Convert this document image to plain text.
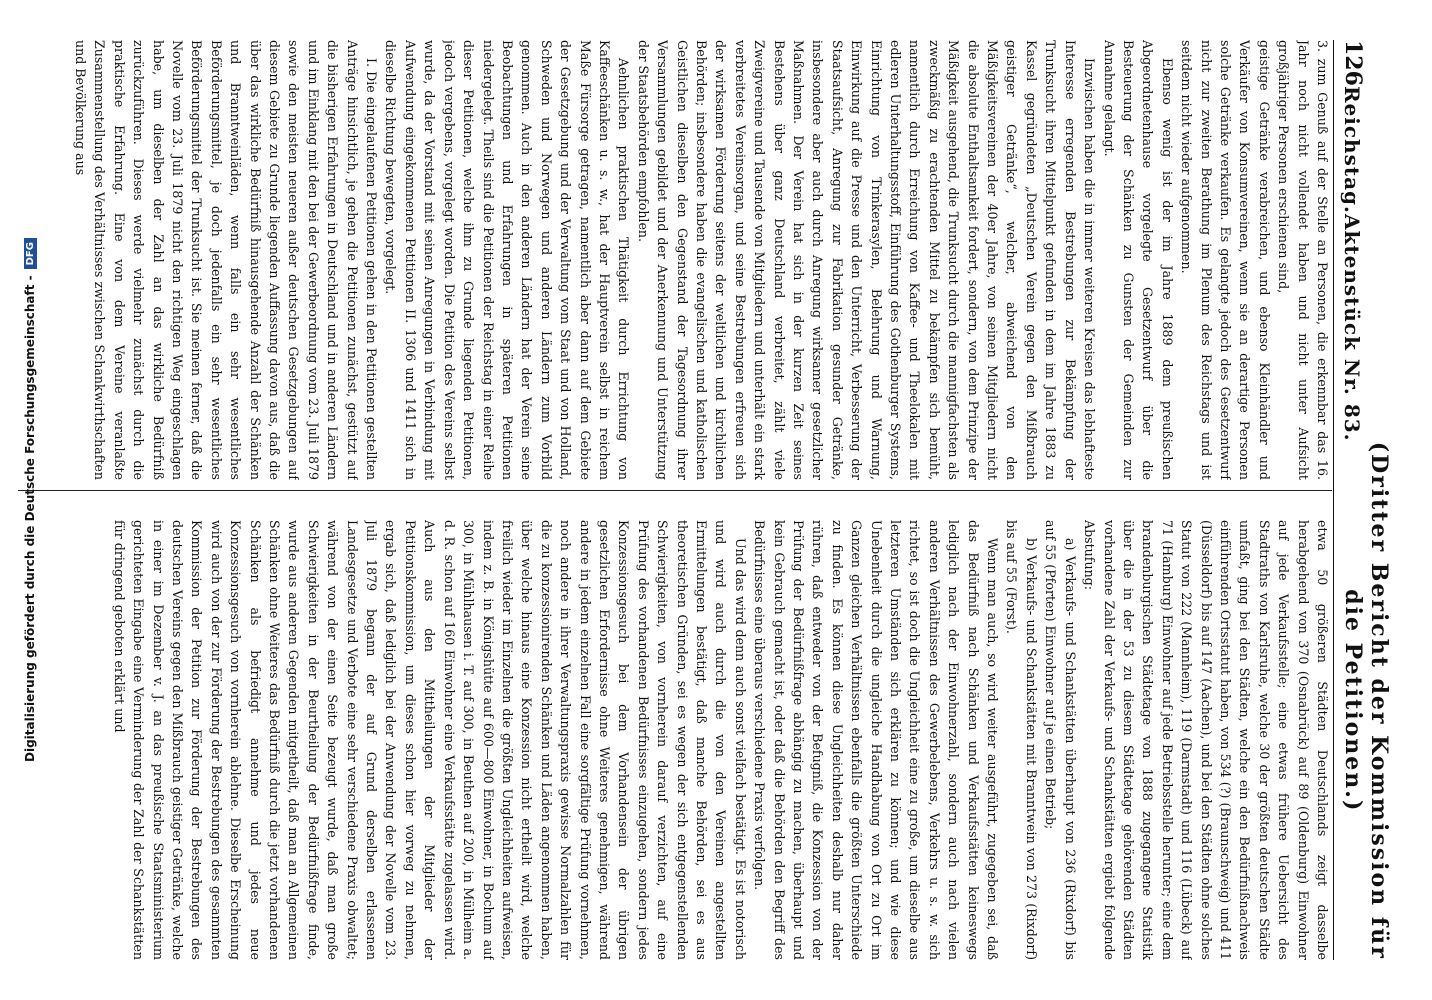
126
Reichstag.
Aktenstück Nr. 83.
(Dritter Bericht der Kommission für die Petitionen.)

3. zum Genuß auf der Stelle an Personen, die erkennbar das 16. Jahr noch nicht vollendet haben und nicht unter Aufsicht großjähriger Personen erschienen sind,

geistige Getränke verabreichen, und ebenso Kleinhändler und Verkäufer von Konsumvereinen, wenn sie an derartige Personen solche Getränke verkaufen. Es gelangte jedoch des Gesetzentwurf nicht zur zweiten Berathung im Plenum des Reichstags und ist seitdem nicht wieder aufgenommen.

Ebenso wenig ist der im Jahre 1889 dem preußischen Abgeordnetenhause vorgelegte Gesetzentwurf über die Besteuerung der Schänken zu Gunsten der Gemeinden zur Annahme gelangt.

Inzwischen haben die in immer weiteren Kreisen das lebhafteste Interesse erregenden Bestrebungen zur Bekämpfung der Trunksucht ihren Mittelpunkt gefunden in dem im Jahre 1883 zu Kassel gegründeten „Deutschen Verein gegen den Mißbrauch geistiger Getränke“, welcher, abweichend von den Mäßigkeitsvereinen der 40er Jahre, von seinen Mitgliedern nicht die absolute Enthaltsamkeit fordert, sondern, von dem Prinzipe der Mäßigkeit ausgehend, die Trunksucht durch die mannigfachsten als zweckmäßig zu erachtenden Mittel zu bekämpfen sich bemüht, namentlich durch Erreichung von Kaffee- und Theelokalen mit edleren Unterhaltungsstoff, Einführung des Gothenburger Systems, Einrichtung von Trinkerasylen, Belehrung und Warnung, Einwirkung auf die Presse und den Unterricht, Verbesserung der Staatsaufsicht, Anregung zur Fabrikation gesunder Getränke, insbesondere aber auch durch Anregung wirksamer gesetzlicher Maßnahmen. Der Verein hat sich in der kurzen Zeit seines Bestehens über ganz Deutschland verbreitet, zählt viele Zweigvereine und Tausende von Mitgliedern und unterhält ein stark verbreitetes Vereinsorgan, und seine Bestrebungen erfreuen sich der wirksamen Förderung seitens der weltlichen und kirchlichen Behörden; insbesondere haben die evangelischen und katholischen Geistlichen dieselben den Gegenstand der Tagesordnung ihrer Versammlungen gebildet und der Anerkennung und Unterstützung der Staatsbehörden empfohlen.

Aehnlichen praktischen Thätigkeit durch Errichtung von Kaffeeschänken u. s. w., hat der Hauptverein selbst in reichem Maße Fürsorge getragen, namentlich aber dann auf dem Gebiete der Gesetzgebung und der Verwaltung vom Staat und von Holland, Schweden und Norwegen und anderen Ländern zum Vorbild genommen. Auch in den anderen Ländern hat der Verein seine Beobachtungen und Erfahrungen in späteren Petitionen niedergelegt. Theils sind die Petitionen der Reichstag in einer Reihe dieser Petitionen, welche ihm zu Grunde liegenden Petitionen, jedoch vergebens, vorgelegt worden. Die Petition des Vereins selbst wurde, da der Vorstand mit seinen Anregungen in Verbindung mit Aufwendung eingekommenen Petitionen II. 1306 und 1411 sich in dieselbe Richtung bewegten, vorgelegt.

I. Die eingelaufenen Petitionen gehen in den Petitionen gestellten Anträge hinsichtlich, je gehen die Petitionen zunächst, gestützt auf die bisherigen Erfahrungen in Deutschland und in anderen Ländern und im Einklang mit den bei der Gewerbeordnung vom 23. Juli 1879 sowie den meisten neueren außer deutschen Gesetzgebungen auf diesem Gebiete zu Grunde liegenden Auffassung davon aus, daß die über das wirkliche Bedürfniß hinausgehende Anzahl der Schänken und Branntweinläden, wenn falls ein sehr wesentliches Beförderungsmittel, je doch jedenfalls ein sehr wesentliches Beförderungsmittel der Trunksucht ist. Sie meinen ferner, daß die Novelle vom 23. Juli 1879 nicht den richtigen Weg eingeschlagen habe, um dieselben der Zahl an das wirkliche Bedürfniß zurückzuführen. Dieses werde vielmehr zunächst durch die praktische Erfahrung. Eine von dem Vereine veranlaßte Zusammenstellung des Verhältnisses zwischen Schankwirthschaften und Bevölkerung aus

etwa 50 größeren Städten Deutschlands zeigt dasselbe herabgehend von 370 (Osnabrück) auf 89 (Oldenburg) Einwohner auf jede Verkaufsstelle; eine etwas frühere Uebersicht des Stadtraths von Karlsruhe, welche 30 der größten deutschen Städte umfaßt, ging bei den Städten, welche ein den Bedürfnißnachweis einführenden Ortsstatut haben, von 534 (?) (Braunschweig) und 411 (Düsseldorf) bis auf 147 (Aachen), und bei den Städten ohne solches Statut von 222 (Mannheim), 119 (Darmstadt) und 116 (Lübeck) auf 71 (Hamburg) Einwohner auf jede Betriebsstelle herunter; eine dem brandenburgischen Städtetage von 1888 zugegangene Statistik über die in der 53 zu diesem Städtetage gehörenden Städten vorhandene Zahl der Verkaufs- und Schankstätten ergiebt folgende Abstufung:

a) Verkaufs- und Schankstätten überhaupt von 236 (Rixdorf) bis auf 55 (Pforten) Einwohner auf je einen Betrieb;

b) Verkaufs- und Schankstätten mit Branntwein von 273 (Rixdorf) bis auf 55 (Forst).

Wenn man auch, so wird weiter ausgeführt, zugegeben sei, daß das Bedürfniß nach Schänken und Verkaufsstätten keineswegs lediglich nach der Einwohnerzahl, sondern auch nach vielen anderen Verhältnissen des Gewerbelebens, Verkehrs u. s. w. sich richtet, so ist doch die Ungleichheit eine zu große, um dieselbe aus letzteren Umständen sich erklären zu können; und wie diese Unebenheit durch die ungleiche Handhabung von Ort zu Ort im Ganzen gleichen Verhältnissen ebenfalls die größten Unterschiede zu finden. Es können diese Ungleichheiten deshalb nur daher rühren, daß entweder von der Befugniß, die Konzession von der Prüfung der Bedürfnißfrage abhängig zu machen, überhaupt und kein Gebrauch gemacht ist, oder daß die Behörden den Begriff des Bedürfnisses eine überaus verschiedene Praxis verfolgen.

Und das wird denn auch sonst vielfach bestätigt. Es ist notorisch und wird auch durch die von den Vereinen angestellten Ermittelungen bestätigt, daß manche Behörden, sei es aus theoretischen Gründen, sei es wegen der sich entgegenstellenden Schwierigkeiten, von vornherein darauf verzichten, auf eine Prüfung des vorhandenen Bedürfnisses einzugehen, sondern jedes Konzessionsgesuch bei dem Vorhandensein der übrigen gesetzlichen Erfordernisse ohne Weiteres genehmigen, während andere in jedem einzelnen Fall eine sorgfältige Prüfung vornehmen, noch andere in ihrer Verwaltungspraxis gewisse Normalzahlen für die zu konzessionirenden Schänken und Läden angenommen haben, über welche hinaus eine Konzession nicht ertheilt wird, welche freilich wieder im Einzelnen die größten Ungleichheiten aufweisen, indem z. B. in Königshütte auf 600—800 Einwohner, in Bochum auf 300, in Mühlhausen i. T. auf 300, in Beuthen auf 200, in Mülheim a. d. R. schon auf 160 Einwohner eine Verkaufsstätte zugelassen wird. Auch aus den Mittheilungen der Mitglieder der Petitionskommission, um dieses schon hier vorweg zu nehmen, ergab sich, daß lediglich bei der Anwendung der Novelle vom 23. Juli 1879 begann der auf Grund derselben erlassenen Landesgesetze und Verbote eine sehr verschiedene Praxis obwaltet; während von der einen Seite bezeugt wurde, daß man große Schwierigkeiten in der Beurtheilung der Bedürfnißfrage finde, wurde aus anderen Gegenden mitgetheilt, daß man an Allgemeinen Schänken ohne Weiteres das Bedürfniß durch die jetzt vorhandenen Schänken als befriedigt annehme und jedes neue Konzessionsgesuch von vornherein ablehne. Dieselbe Erscheinung wird auch von der zur Förderung der Bestrebungen des gesammten Kommission der Petition zur Förderung der Bestrebungen des deutschen Vereins gegen den Mißbrauch geistiger Getränke, welche in einer im Dezember v. J. an das preußische Staatsministerium gerichteten Eingabe eine Verminderung der Zahl der Schankstätten für dringend geboten erklärt und

Digitalisierung gefördert durch die Deutsche Forschungsgemeinschaft -
DFG
